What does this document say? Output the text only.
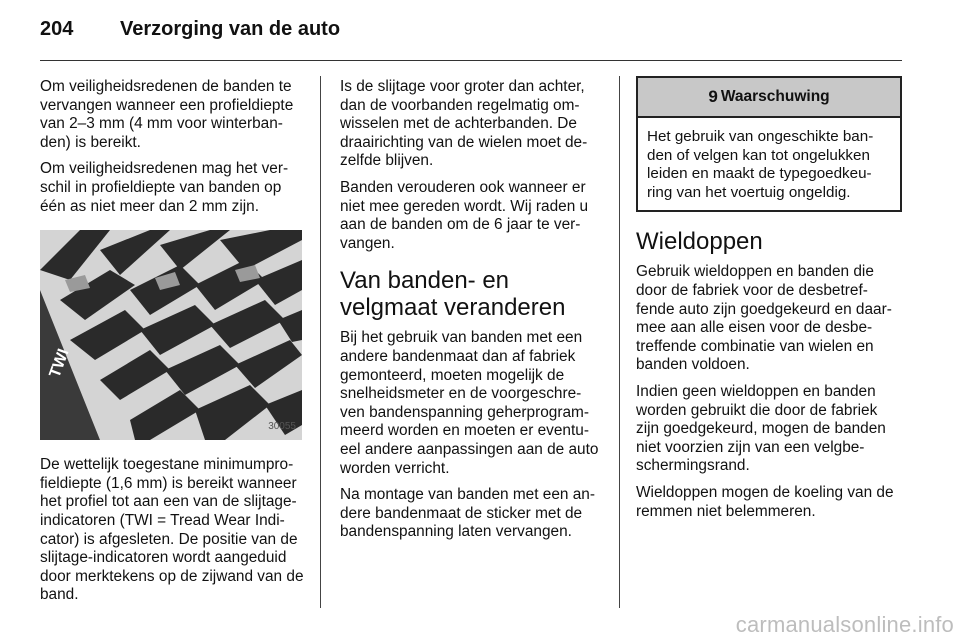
204	Verzorging van de auto

Om veiligheidsredenen de banden te vervangen wanneer een profieldiepte van 2–3 mm (4 mm voor winterban-den) is bereikt.

Om veiligheidsredenen mag het ver-schil in profieldiepte van banden op één as niet meer dan 2 mm zijn.

TWI
30055

De wettelijk toegestane minimumpro-fieldiepte (1,6 mm) is bereikt wanneer het profiel tot aan een van de slijtage-indicatoren (TWI = Tread Wear Indi-cator) is afgesleten. De positie van de slijtage-indicatoren wordt aangeduid door merktekens op de zijwand van de band.

Is de slijtage voor groter dan achter, dan de voorbanden regelmatig om-wisselen met de achterbanden. De draairichting van de wielen moet de-zelfde blijven.

Banden verouderen ook wanneer er niet mee gereden wordt. Wij raden u aan de banden om de 6 jaar te ver-vangen.

Van banden- en velgmaat veranderen

Bij het gebruik van banden met een andere bandenmaat dan af fabriek gemonteerd, moeten mogelijk de snelheidsmeter en de voorgeschre-ven bandenspanning geherprogram-meerd worden en moeten er eventu-eel andere aanpassingen aan de auto worden verricht.

Na montage van banden met een an-dere bandenmaat de sticker met de bandenspanning laten vervangen.

9 Waarschuwing
Het gebruik van ongeschikte ban-den of velgen kan tot ongelukken leiden en maakt de typegoedkeu-ring van het voertuig ongeldig.
Wieldoppen

Gebruik wieldoppen en banden die door de fabriek voor de desbetref-fende auto zijn goedgekeurd en daar-mee aan alle eisen voor de desbe-treffende combinatie van wielen en banden voldoen.

Indien geen wieldoppen en banden worden gebruikt die door de fabriek zijn goedgekeurd, mogen de banden niet voorzien zijn van een velgbe-schermingsrand.

Wieldoppen mogen de koeling van de remmen niet belemmeren.

carmanualsonline.info
